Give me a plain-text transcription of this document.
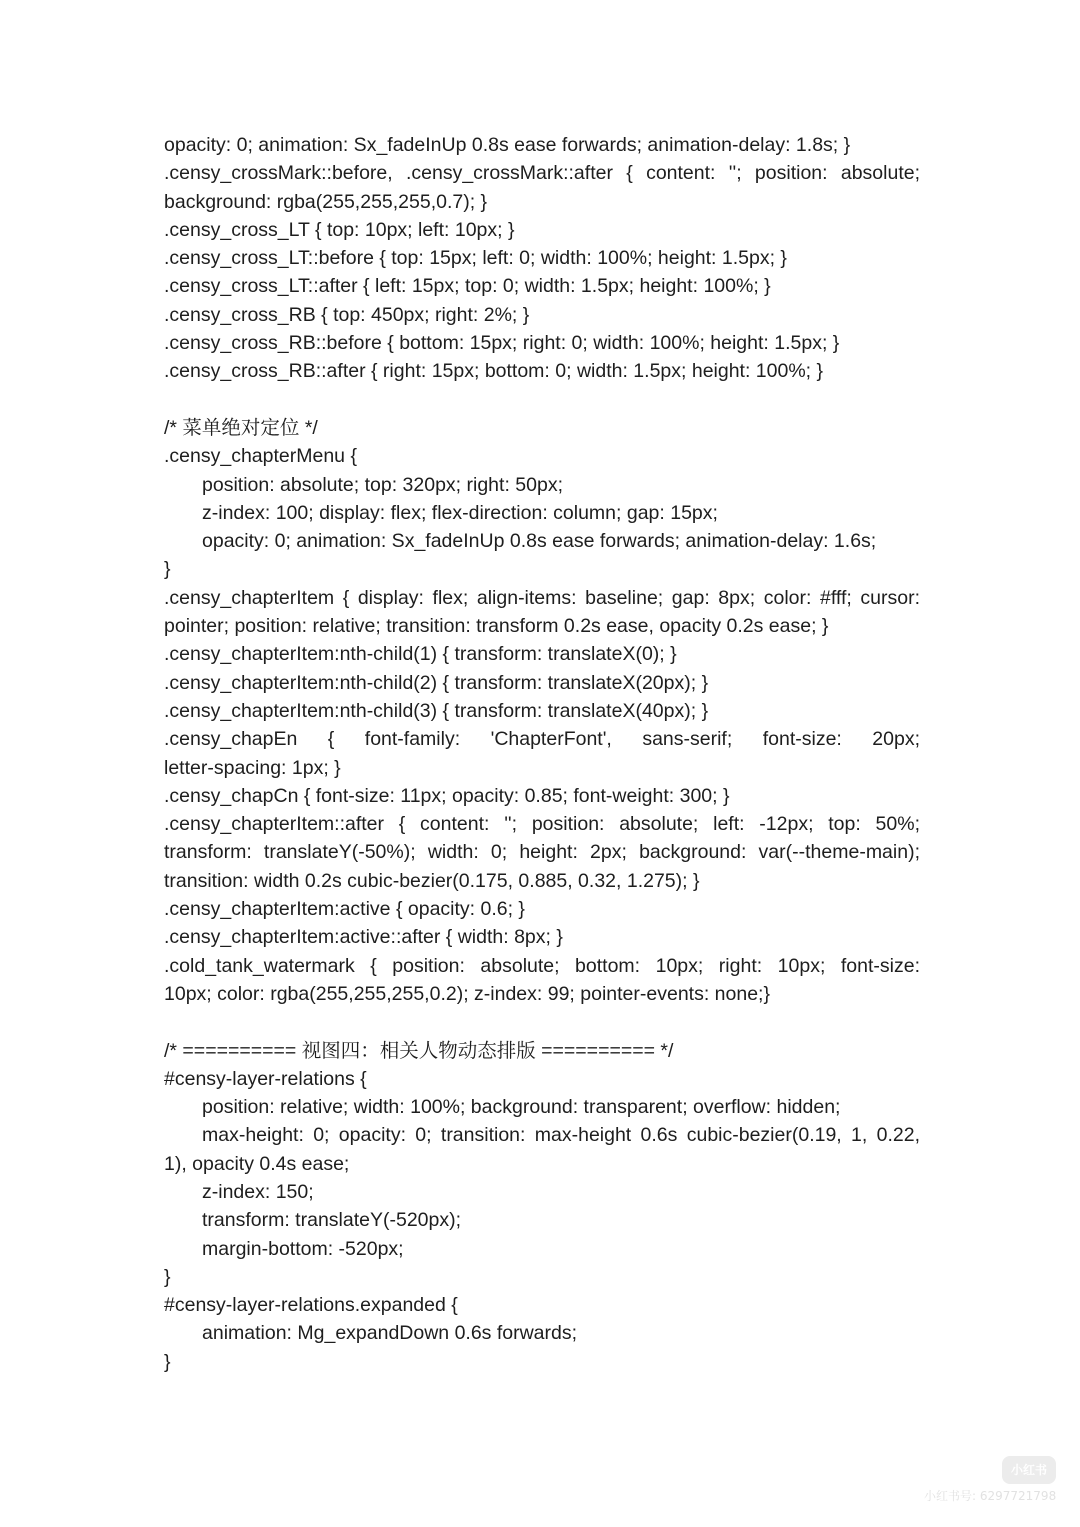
opacity: 0; animation: Sx_fadeInUp 0.8s ease forwards; animation-delay: 1.8s; }
.censy_crossMark::before, .censy_crossMark::after { content: ''; position: absolute;
background: rgba(255,255,255,0.7); }
.censy_cross_LT { top: 10px; left: 10px; }
.censy_cross_LT::before { top: 15px; left: 0; width: 100%; height: 1.5px; }
.censy_cross_LT::after { left: 15px; top: 0; width: 1.5px; height: 100%; }
.censy_cross_RB { top: 450px; right: 2%; }
.censy_cross_RB::before { bottom: 15px; right: 0; width: 100%; height: 1.5px; }
.censy_cross_RB::after { right: 15px; bottom: 0; width: 1.5px; height: 100%; }
/* 菜单绝对定位 */
.censy_chapterMenu {
position: absolute; top: 320px; right: 50px;
z-index: 100; display: flex; flex-direction: column; gap: 15px;
opacity: 0; animation: Sx_fadeInUp 0.8s ease forwards; animation-delay: 1.6s;
}
.censy_chapterItem { display: flex; align-items: baseline; gap: 8px; color: #fff; cursor:
pointer; position: relative; transition: transform 0.2s ease, opacity 0.2s ease; }
.censy_chapterItem:nth-child(1) { transform: translateX(0); }
.censy_chapterItem:nth-child(2) { transform: translateX(20px); }
.censy_chapterItem:nth-child(3) { transform: translateX(40px); }
.censy_chapEn { font-family: 'ChapterFont', sans-serif; font-size: 20px;
letter-spacing: 1px; }
.censy_chapCn { font-size: 11px; opacity: 0.85; font-weight: 300; }
.censy_chapterItem::after { content: ''; position: absolute; left: -12px; top: 50%;
transform: translateY(-50%); width: 0; height: 2px; background: var(--theme-main);
transition: width 0.2s cubic-bezier(0.175, 0.885, 0.32, 1.275); }
.censy_chapterItem:active { opacity: 0.6; }
.censy_chapterItem:active::after { width: 8px; }
.cold_tank_watermark { position: absolute; bottom: 10px; right: 10px; font-size:
10px; color: rgba(255,255,255,0.2); z-index: 99; pointer-events: none;}
/* ========== 视图四：相关人物动态排版 ========== */
#censy-layer-relations {
position: relative; width: 100%; background: transparent; overflow: hidden;
max-height: 0; opacity: 0; transition: max-height 0.6s cubic-bezier(0.19, 1, 0.22,
1), opacity 0.4s ease;
z-index: 150;
transform: translateY(-520px);
margin-bottom: -520px;
}
#censy-layer-relations.expanded {
animation: Mg_expandDown 0.6s forwards;
}
小红书
小红书号: 6297721798
